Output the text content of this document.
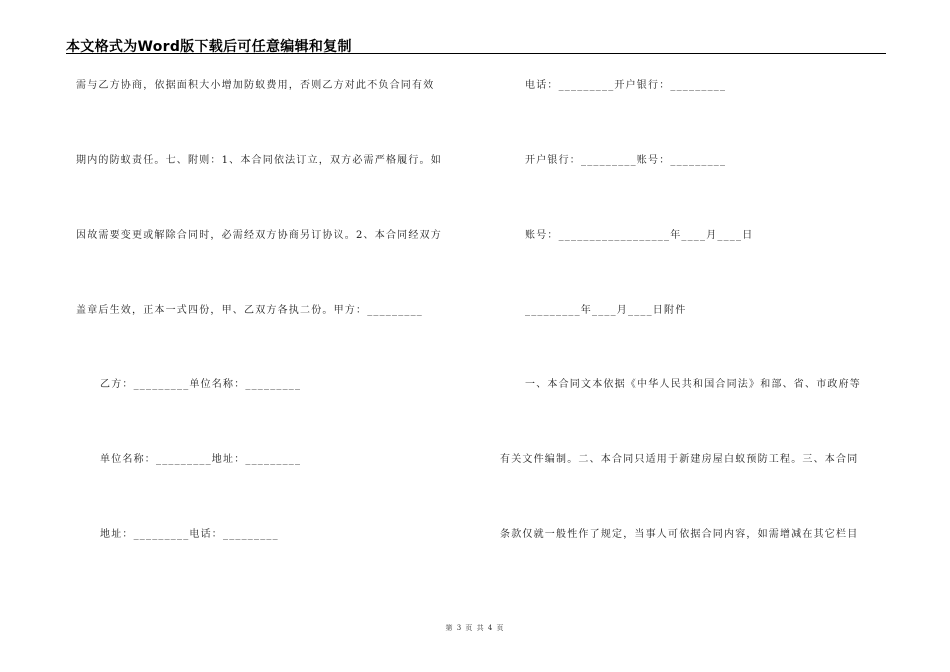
本文格式为Word版下载后可任意编辑和复制
需与乙方协商，依据面积大小增加防蚁费用，否则乙方对此不负合同有效
期内的防蚁责任。七、附则：1、本合同依法订立，双方必需严格履行。如
因故需要变更或解除合同时，必需经双方协商另订协议。2、本合同经双方
盖章后生效，正本一式四份，甲、乙双方各执二份。甲方：_________
乙方：_________单位名称：_________
单位名称：_________地址：_________
地址：_________电话：_________
电话：_________开户银行：_________
开户银行：_________账号：_________
账号：__________________年____月____日
_________年____月____日附件
一、本合同文本依据《中华人民共和国合同法》和部、省、市政府等
有关文件编制。二、本合同只适用于新建房屋白蚁预防工程。三、本合同
条款仅就一般性作了规定，当事人可依据合同内容，如需增减在其它栏目
第 3 页 共 4 页
